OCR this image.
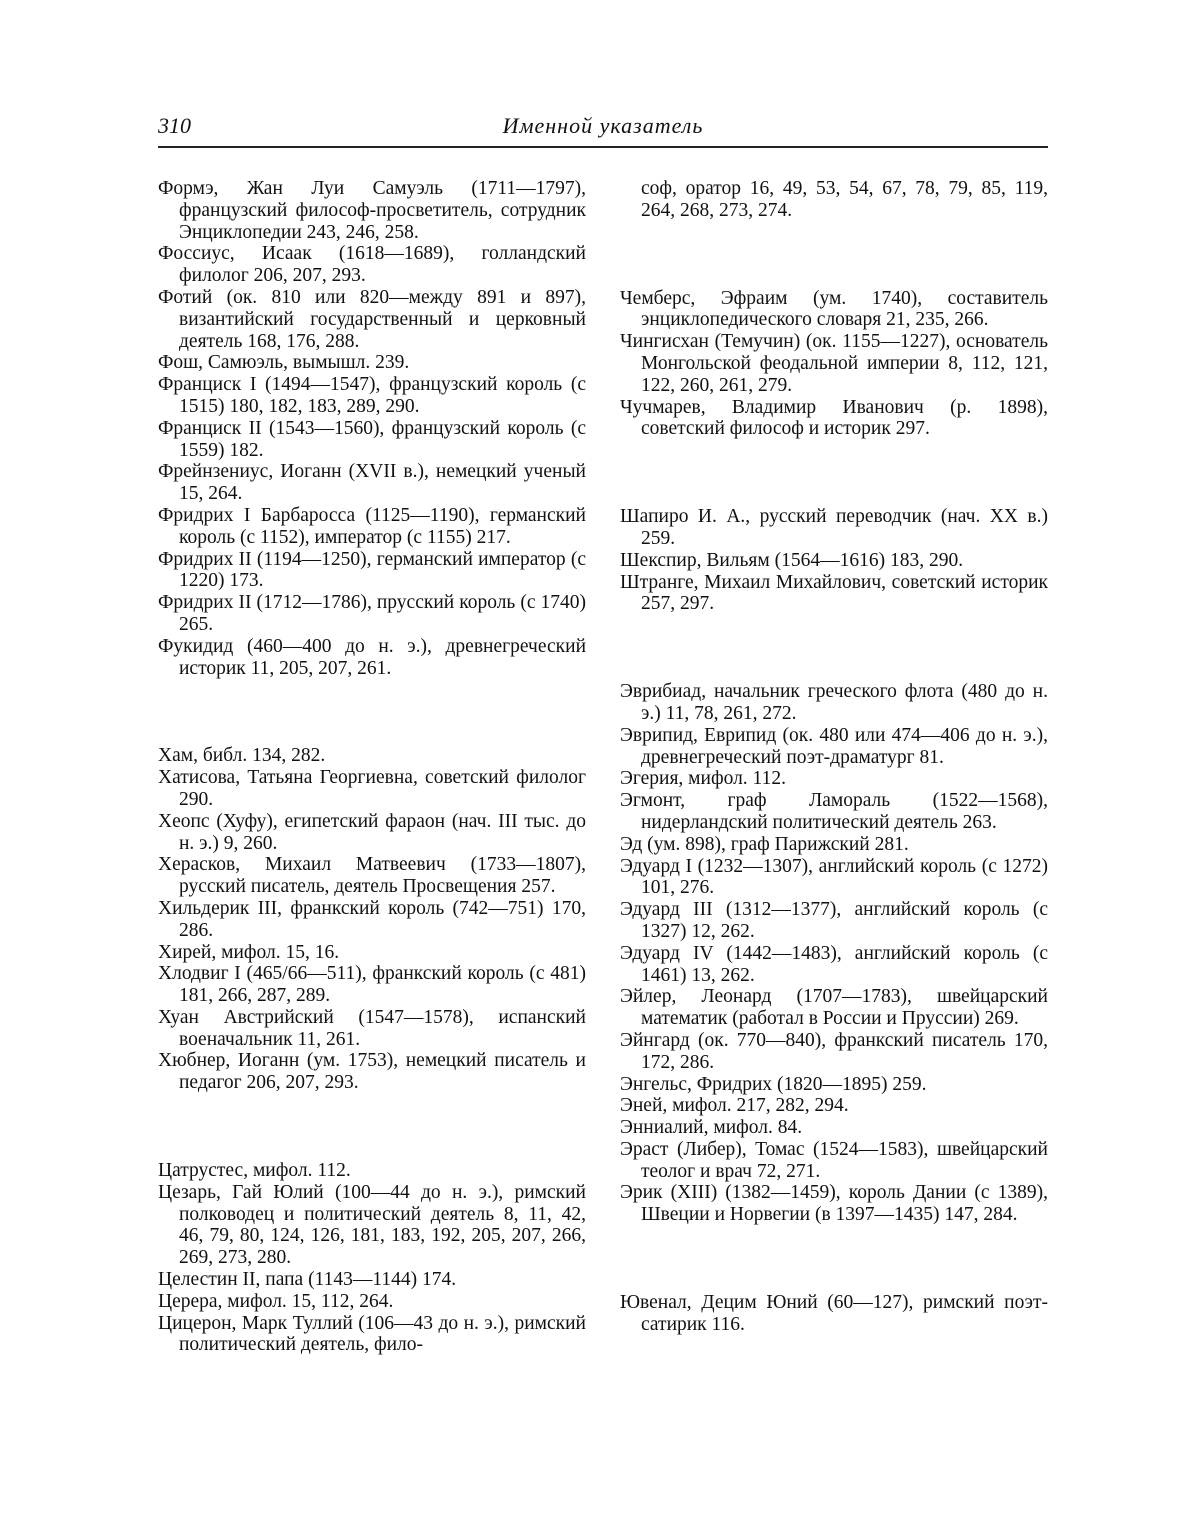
310	Именной указатель

Формэ, Жан Луи Самуэль (1711—1797), французский философ-просветитель, сотрудник Энциклопедии 243, 246, 258.

Фоссиус, Исаак (1618—1689), голландский филолог 206, 207, 293.

Фотий (ок. 810 или 820—между 891 и 897), византийский государственный и церковный деятель 168, 176, 288.

Фош, Самюэль, вымышл. 239.

Франциск I (1494—1547), французский король (с 1515) 180, 182, 183, 289, 290.

Франциск II (1543—1560), французский король (с 1559) 182.

Фрейнзениус, Иоганн (XVII в.), немецкий ученый 15, 264.

Фридрих I Барбаросса (1125—1190), германский король (с 1152), император (с 1155) 217.

Фридрих II (1194—1250), германский император (с 1220) 173.

Фридрих II (1712—1786), прусский король (с 1740) 265.

Фукидид (460—400 до н. э.), древнегреческий историк 11, 205, 207, 261.

Хам, библ. 134, 282.

Хатисова, Татьяна Георгиевна, советский филолог 290.

Хеопс (Хуфу), египетский фараон (нач. III тыс. до н. э.) 9, 260.

Херасков, Михаил Матвеевич (1733—1807), русский писатель, деятель Просвещения 257.

Хильдерик III, франкский король (742—751) 170, 286.

Хирей, мифол. 15, 16.

Хлодвиг I (465/66—511), франкский король (с 481) 181, 266, 287, 289.

Хуан Австрийский (1547—1578), испанский военачальник 11, 261.

Хюбнер, Иоганн (ум. 1753), немецкий писатель и педагог 206, 207, 293.

Цатрустес, мифол. 112.

Цезарь, Гай Юлий (100—44 до н. э.), римский полководец и политический деятель 8, 11, 42, 46, 79, 80, 124, 126, 181, 183, 192, 205, 207, 266, 269, 273, 280.

Целестин II, папа (1143—1144) 174.

Церера, мифол. 15, 112, 264.

Цицерон, Марк Туллий (106—43 до н. э.), римский политический деятель, фило-

соф, оратор 16, 49, 53, 54, 67, 78, 79, 85, 119, 264, 268, 273, 274.

Чемберс, Эфраим (ум. 1740), составитель энциклопедического словаря 21, 235, 266.

Чингисхан (Темучин) (ок. 1155—1227), основатель Монгольской феодальной империи 8, 112, 121, 122, 260, 261, 279.

Чучмарев, Владимир Иванович (р. 1898), советский философ и историк 297.

Шапиро И. А., русский переводчик (нач. XX в.) 259.

Шекспир, Вильям (1564—1616) 183, 290.

Штранге, Михаил Михайлович, советский историк 257, 297.

Эврибиад, начальник греческого флота (480 до н. э.) 11, 78, 261, 272.

Эврипид, Еврипид (ок. 480 или 474—406 до н. э.), древнегреческий поэт-драматург 81.

Эгерия, мифол. 112.

Эгмонт, граф Ламораль (1522—1568), нидерландский политический деятель 263.

Эд (ум. 898), граф Парижский 281.

Эдуард I (1232—1307), английский король (с 1272) 101, 276.

Эдуард III (1312—1377), английский король (с 1327) 12, 262.

Эдуард IV (1442—1483), английский король (с 1461) 13, 262.

Эйлер, Леонард (1707—1783), швейцарский математик (работал в России и Пруссии) 269.

Эйнгард (ок. 770—840), франкский писатель 170, 172, 286.

Энгельс, Фридрих (1820—1895) 259.

Эней, мифол. 217, 282, 294.

Энниалий, мифол. 84.

Эраст (Либер), Томас (1524—1583), швейцарский теолог и врач 72, 271.

Эрик (XIII) (1382—1459), король Дании (с 1389), Швеции и Норвегии (в 1397—1435) 147, 284.

Ювенал, Децим Юний (60—127), римский поэт-сатирик 116.
